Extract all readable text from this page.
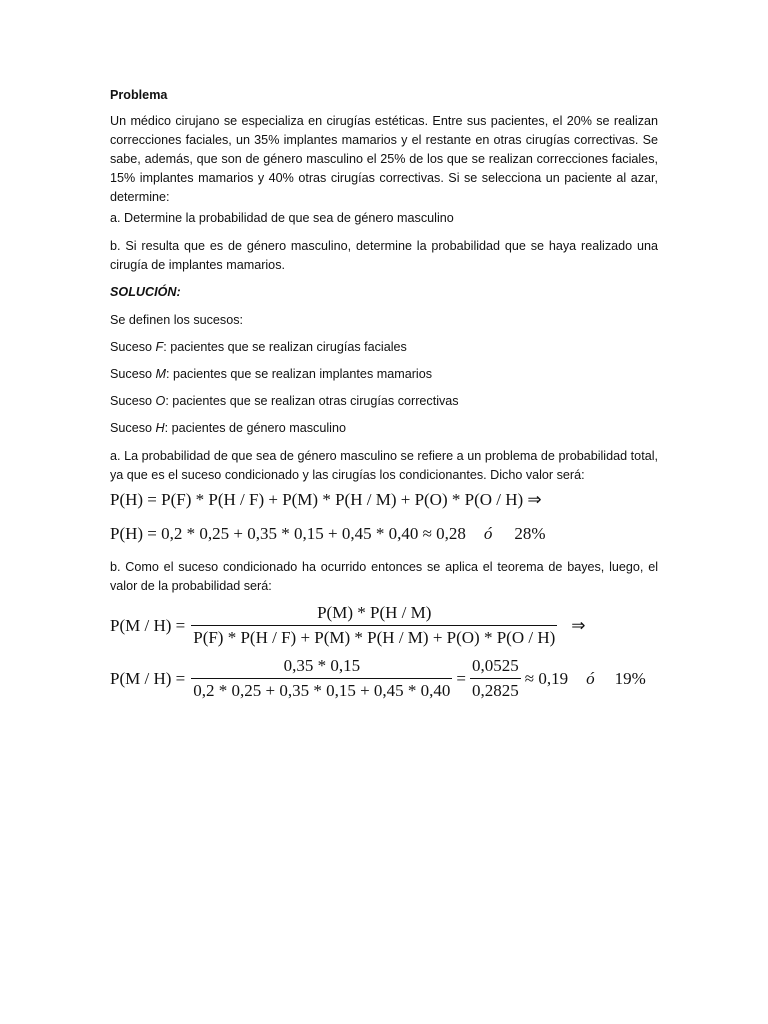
Problema
Un médico cirujano se especializa en cirugías estéticas. Entre sus pacientes, el 20% se realizan correcciones faciales, un 35% implantes mamarios y el restante en otras cirugías correctivas. Se sabe, además, que son de género masculino el 25% de los que se realizan correcciones faciales, 15% implantes mamarios y 40% otras cirugías correctivas. Si se selecciona un paciente al azar, determine:
a. Determine la probabilidad de que sea de género masculino
b. Si resulta que es de género masculino, determine la probabilidad que se haya realizado una cirugía de implantes mamarios.
SOLUCIÓN:
Se definen los sucesos:
Suceso F: pacientes que se realizan cirugías faciales
Suceso M: pacientes que se realizan implantes mamarios
Suceso O: pacientes que se realizan otras cirugías correctivas
Suceso H: pacientes de género masculino
a. La probabilidad de que sea de género masculino se refiere a un problema de probabilidad total, ya que es el suceso condicionado y las cirugías los condicionantes. Dicho valor será:
P(H) = P(F) * P(H / F) + P(M) * P(H / M) + P(O) * P(O / H) ⇒
P(H) = 0,2 * 0,25 + 0,35 * 0,15 + 0,45 * 0,40 ≈ 0,28 ó 28%
b. Como el suceso condicionado ha ocurrido entonces se aplica el teorema de bayes, luego, el valor de la probabilidad será:
$P(M / H) = \frac{P(M) * P(H / M)}{P(F) * P(H / F) + P(M) * P(H / M) + P(O) * P(O / H)}$ ⇒
$P(M / H) = \frac{0,35 * 0,15}{0,2 * 0,25 + 0,35 * 0,15 + 0,45 * 0,40} = \frac{0,0525}{0,2825} \approx 0,19$ ó 19%
